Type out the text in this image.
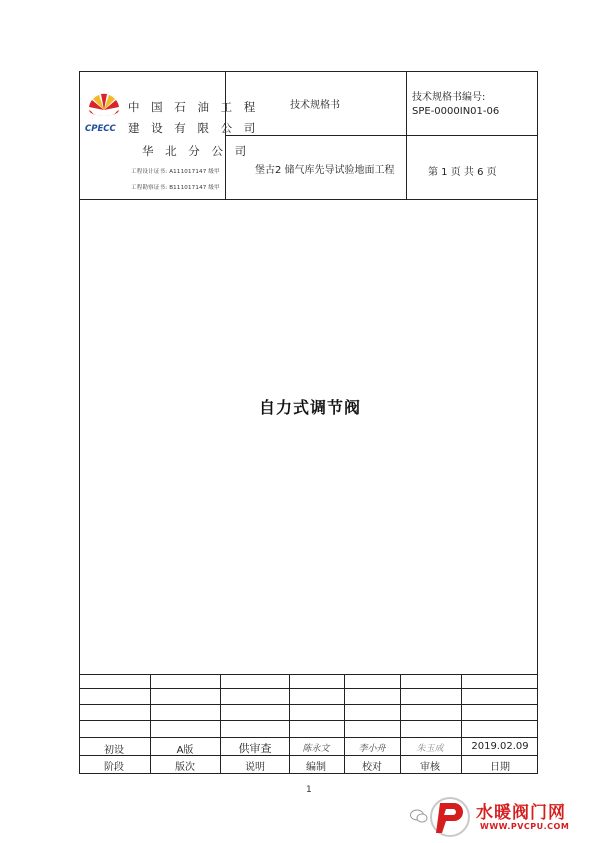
CPECC
中 国 石 油 工 程
建 设 有 限 公 司
华 北 分 公 司
工程设计证书: A111017147 级甲
工程勘察证书: B111017147 级甲
技术规格书
堡古2 储气库先导试验地面工程
技术规格书编号:
SPE-0000IN01-06
第 1 页 共 6 页
自力式调节阀
初设	A版	供审查	陈永文	李小舟	朱玉成	2019.02.09
阶段	版次	说明	编制	校对	审核	日期
1
水暖阀门网
WWW.PVCPU.COM
